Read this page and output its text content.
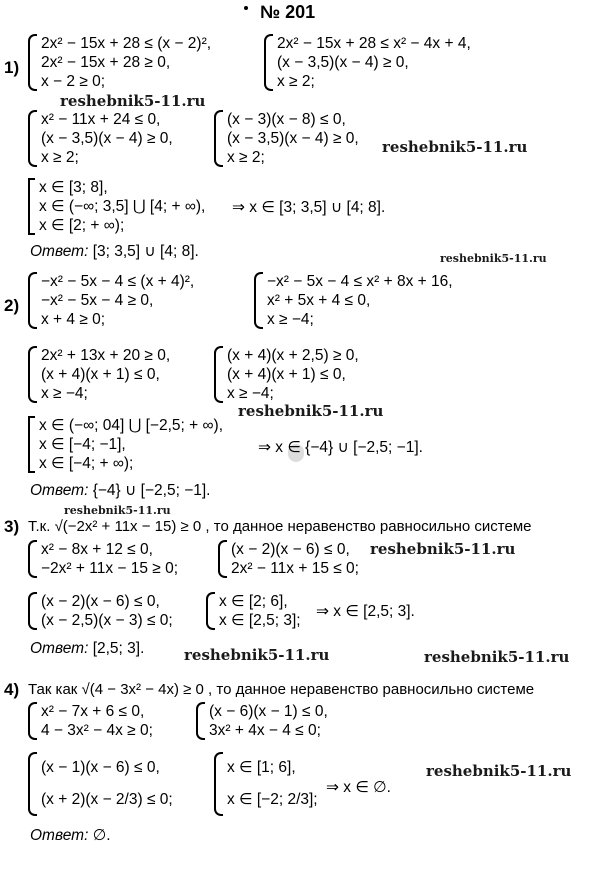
№ 201
1)
2x² − 15x + 28 ≤ (x − 2)²,
2x² − 15x + 28 ≥ 0,
x − 2 ≥ 0;
2x² − 15x + 28 ≤ x² − 4x + 4,
(x − 3,5)(x − 4) ≥ 0,
x ≥ 2;
x² − 11x + 24 ≤ 0,
(x − 3,5)(x − 4) ≥ 0,
x ≥ 2;
(x − 3)(x − 8) ≤ 0,
(x − 3,5)(x − 4) ≥ 0,
x ≥ 2;
x ∈ [3; 8],
x ∈ (−∞; 3,5] ⋃ [4; + ∞),
x ∈ [2; + ∞);
⇒ x ∈ [3; 3,5] ∪ [4; 8].
Ответ: [3; 3,5] ∪ [4; 8].
2)
−x² − 5x − 4 ≤ (x + 4)²,
−x² − 5x − 4 ≥ 0,
x + 4 ≥ 0;
−x² − 5x − 4 ≤ x² + 8x + 16,
x² + 5x + 4 ≤ 0,
x ≥ −4;
2x² + 13x + 20 ≥ 0,
(x + 4)(x + 1) ≤ 0,
x ≥ −4;
(x + 4)(x + 2,5) ≥ 0,
(x + 4)(x + 1) ≤ 0,
x ≥ −4;
x ∈ (−∞; 04] ⋃ [−2,5; + ∞),
x ∈ [−4; −1],
x ∈ [−4; + ∞);
⇒ x ∈ {−4} ∪ [−2,5; −1].
Ответ: {−4} ∪ [−2,5; −1].
3) Т.к. √(−2x² + 11x − 15) ≥ 0 , то данное неравенство равносильно системе
x² − 8x + 12 ≤ 0,
−2x² + 11x − 15 ≥ 0;
(x − 2)(x − 6) ≤ 0,
2x² − 11x + 15 ≤ 0;
(x − 2)(x − 6) ≤ 0,
(x − 2,5)(x − 3) ≤ 0;
x ∈ [2; 6],
x ∈ [2,5; 3];
⇒ x ∈ [2,5; 3].
Ответ: [2,5; 3].
4) Так как √(4 − 3x² − 4x) ≥ 0 , то данное неравенство равносильно системе
x² − 7x + 6 ≤ 0,
4 − 3x² − 4x ≥ 0;
(x − 6)(x − 1) ≤ 0,
3x² + 4x − 4 ≤ 0;
(x − 1)(x − 6) ≤ 0,
(x + 2)(x − 2/3) ≤ 0;
x ∈ [1; 6],
x ∈ [−2; 2/3];
⇒ x ∈ ∅.
Ответ: ∅.
reshebnik5-11.ru
reshebnik5-11.ru
reshebnik5-11.ru
reshebnik5-11.ru
reshebnik5-11.ru
reshebnik5-11.ru
reshebnik5-11.ru	reshebnik5-11.ru
reshebnik5-11.ru
